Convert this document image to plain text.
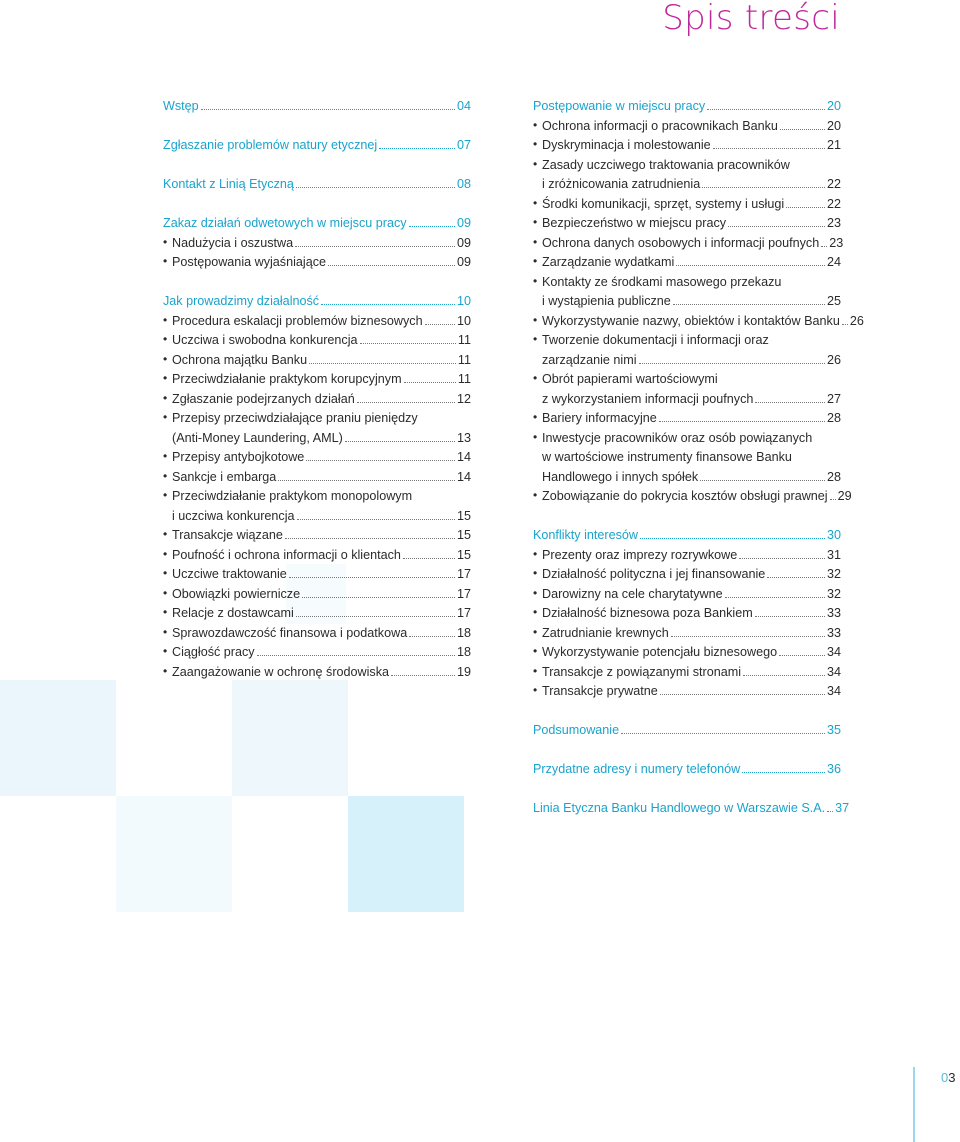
Spis treści
Wstęp	04
Zgłaszanie problemów natury etycznej	07
Kontakt z Linią Etyczną	08
Zakaz działań odwetowych w miejscu pracy	09
• Nadużycia i oszustwa	09
• Postępowania wyjaśniające	09
Jak prowadzimy działalność	10
• Procedura eskalacji problemów biznesowych	10
• Uczciwa i swobodna konkurencja	11
• Ochrona majątku Banku	11
• Przeciwdziałanie praktykom korupcyjnym	11
• Zgłaszanie podejrzanych działań	12
• Przepisy przeciwdziałające praniu pieniędzy
(Anti-Money Laundering, AML)	13
• Przepisy antybojkotowe	14
• Sankcje i embarga	14
• Przeciwdziałanie praktykom monopolowym
i uczciwa konkurencja	15
• Transakcje wiązane	15
• Poufność i ochrona informacji o klientach	15
• Uczciwe traktowanie	17
• Obowiązki powiernicze	17
• Relacje z dostawcami	17
• Sprawozdawczość finansowa i podatkowa	18
• Ciągłość pracy	18
• Zaangażowanie w ochronę środowiska	19
Postępowanie w miejscu pracy	20
• Ochrona informacji o pracownikach Banku	20
• Dyskryminacja i molestowanie	21
• Zasady uczciwego traktowania pracowników
i zróżnicowania zatrudnienia	22
• Środki komunikacji, sprzęt, systemy i usługi	22
• Bezpieczeństwo w miejscu pracy	23
• Ochrona danych osobowych i informacji poufnych 23
• Zarządzanie wydatkami	24
• Kontakty ze środkami masowego przekazu
i wystąpienia publiczne	25
• Wykorzystywanie nazwy, obiektów i kontaktów Banku 26
• Tworzenie dokumentacji i informacji oraz
zarządzanie nimi	26
• Obrót papierami wartościowymi
z wykorzystaniem informacji poufnych	27
• Bariery informacyjne	28
• Inwestycje pracowników oraz osób powiązanych
w wartościowe instrumenty finansowe Banku
Handlowego i innych spółek	28
• Zobowiązanie do pokrycia kosztów obsługi prawnej 29
Konflikty interesów	30
• Prezenty oraz imprezy rozrywkowe	31
• Działalność polityczna i jej finansowanie	32
• Darowizny na cele charytatywne	32
• Działalność biznesowa poza Bankiem	33
• Zatrudnianie krewnych	33
• Wykorzystywanie potencjału biznesowego	34
• Transakcje z powiązanymi stronami	34
• Transakcje prywatne	34
Podsumowanie	35
Przydatne adresy i numery telefonów	36
Linia Etyczna Banku Handlowego w Warszawie S.A. 37
03
